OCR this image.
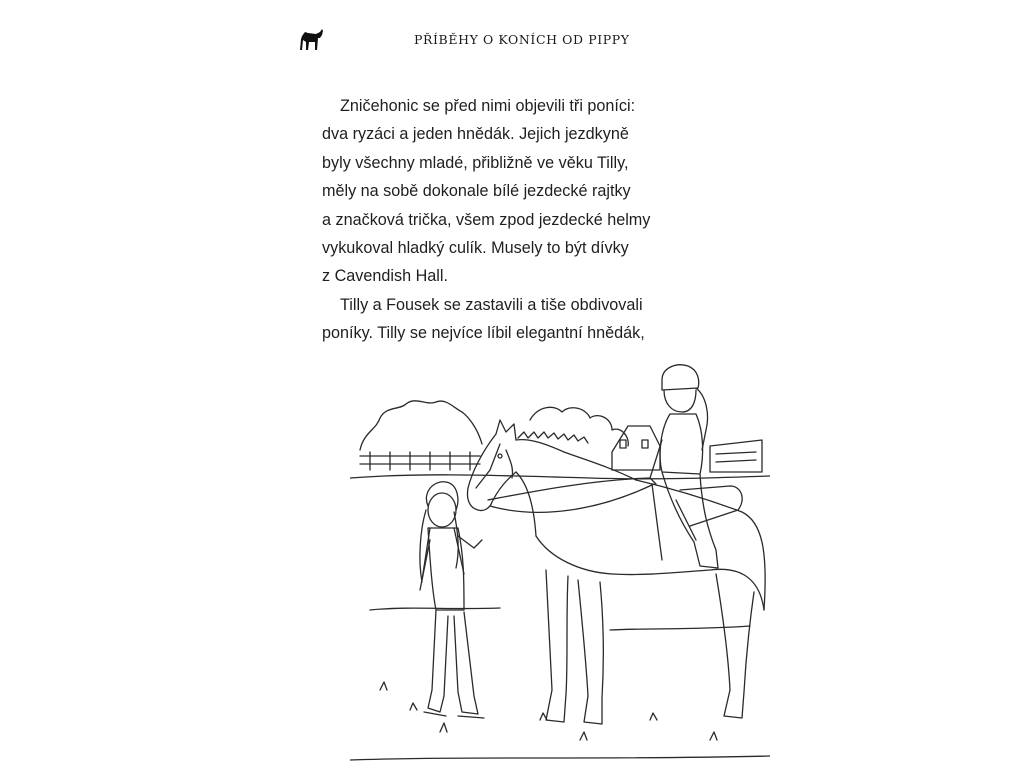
PŘÍBĚHY O KONÍCH OD PIPPY

Zničehonic se před nimi objevili tři poníci:

dva ryzáci a jeden hnědák. Jejich jezdkyně

byly všechny mladé, přibližně ve věku Tilly,

měly na sobě dokonale bílé jezdecké rajtky

a značková trička, všem zpod jezdecké helmy

vykukoval hladký culík. Musely to být dívky

z Cavendish Hall.

Tilly a Fousek se zastavili a tiše obdivovali

poníky. Tilly se nejvíce líbil elegantní hnědák,
